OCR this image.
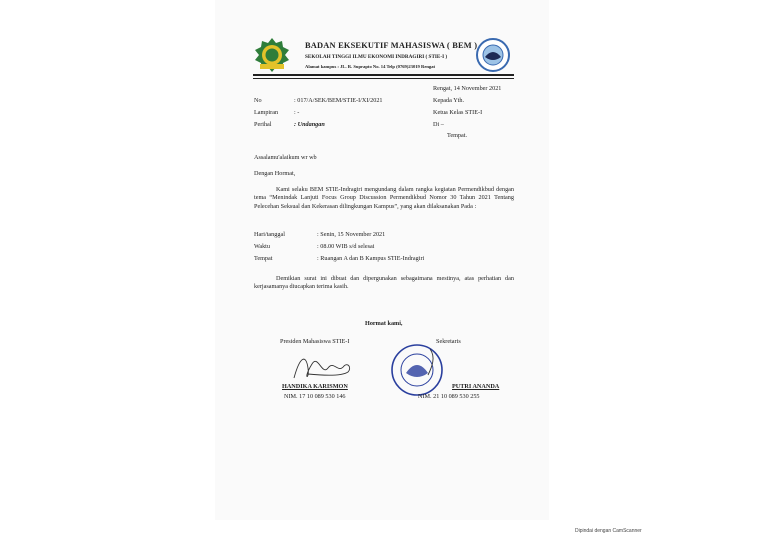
BADAN EKSEKUTIF MAHASISWA ( BEM )
SEKOLAH TINGGI ILMU EKONOMI INDRAGIRI ( STIE-I )
Alamat kampus : JL. R. Suprapto No. 14 Telp (0769)23019 Rengat
Rengat, 14 November 2021
No	: 017/A/SEK/BEM/STIE-I/XI/2021
Lampiran	: -
Perihal	: Undangan
Kepada Yth.
Ketua Kelas STIE-I
Di –
Tempat.
Assalamu'alaikum wr wb
Dengan Hormat,
Kami selaku BEM STIE-Indragiri mengundang dalam rangka kegiatan Permendikbud dengan tema “Menindak Lanjuti Focus Group Discussion Permendikbud Nomor 30 Tahun 2021 Tentang Pelecehan Seksual dan Kekerasan dilingkungan Kampus”, yang akan dilaksanakan Pada :
Hari/tanggal	: Senin, 15 November 2021
Waktu	: 08.00 WIB s/d selesai
Tempat	: Ruangan A dan B Kampus STIE-Indragiri
Demikian surat ini dibuat dan dipergunakan sebagaimana mestinya, atas perhatian dan kerjasamanya diucapkan terima kasih.
Hormat kami,
Presiden Mahasiswa STIE-I	Sekretaris
HANDIKA KARISMON
NIM. 17 10 089 530 146
PUTRI ANANDA
NIM. 21 10 089 530 255
Dipindai dengan CamScanner
